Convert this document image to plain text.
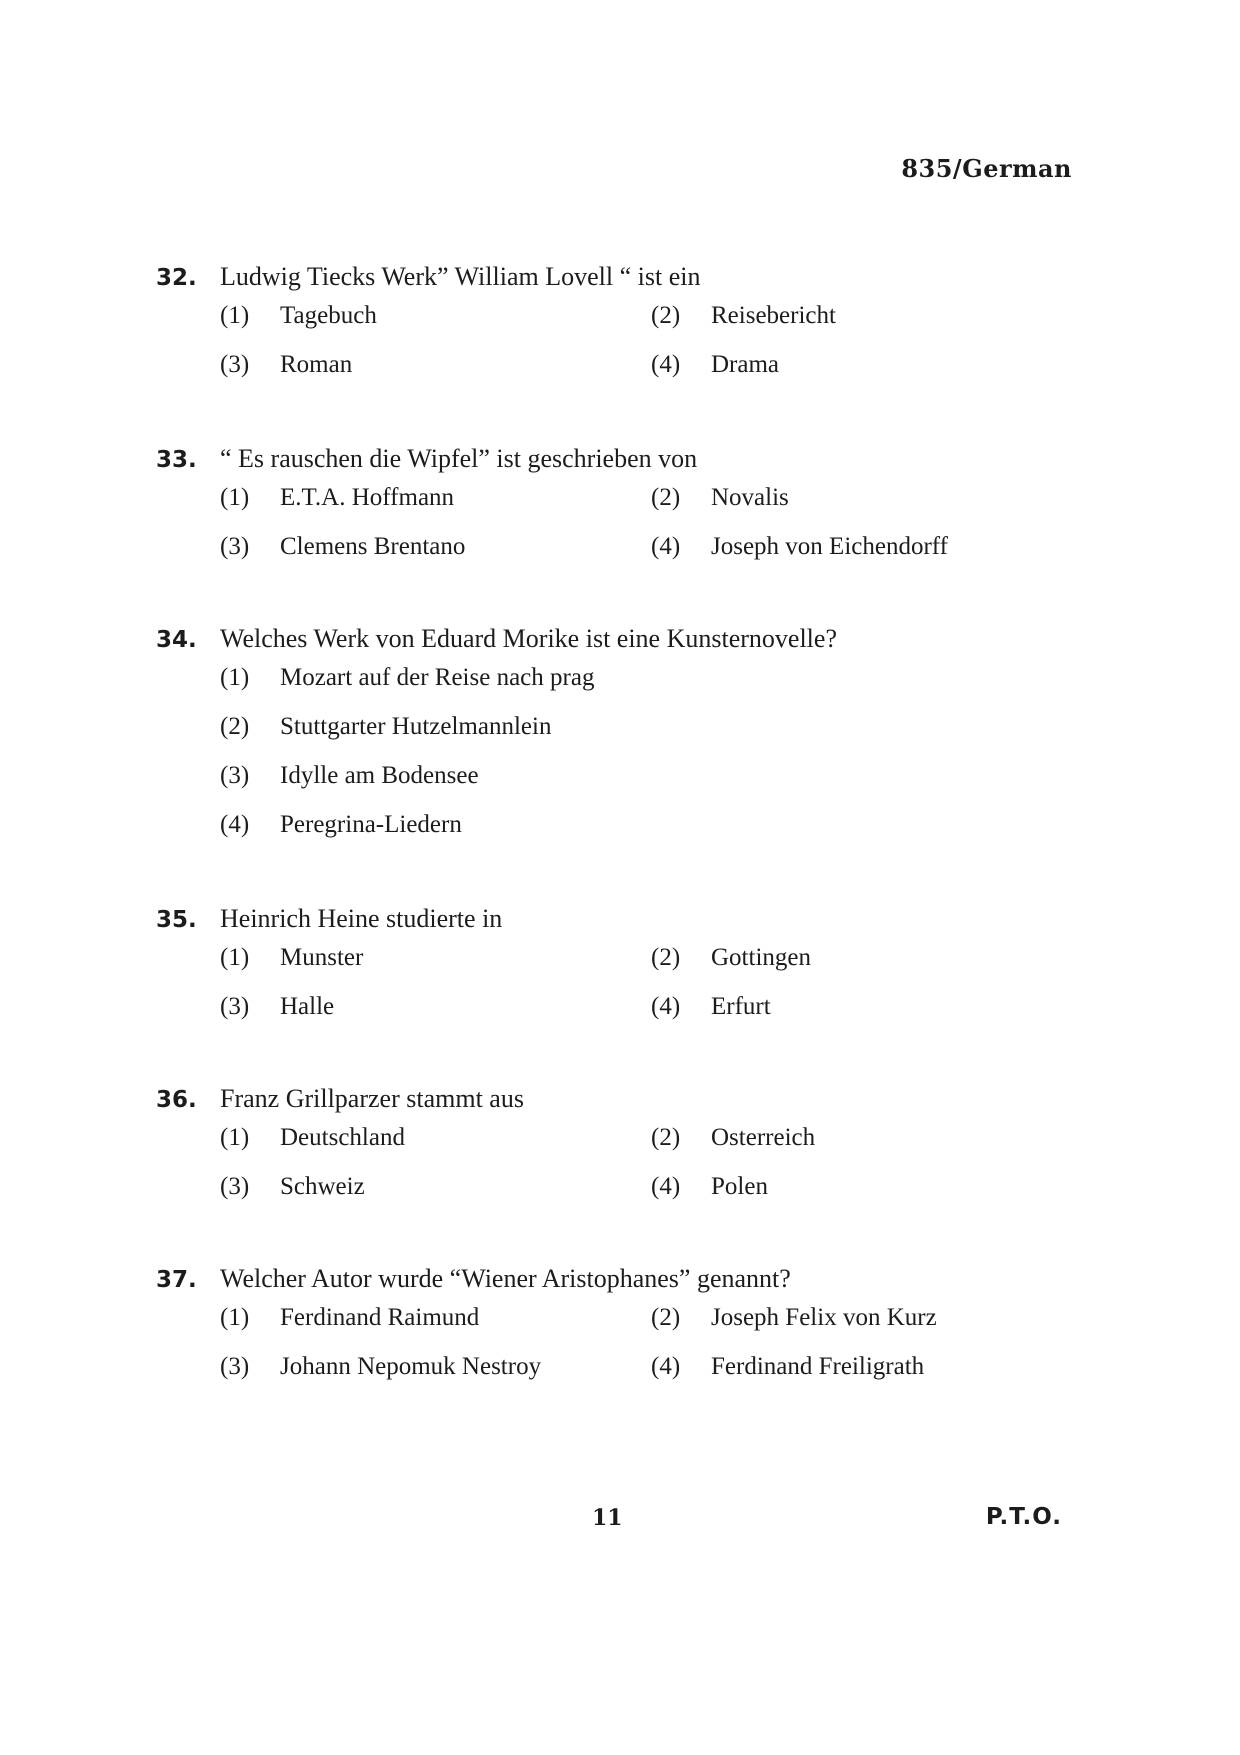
835/German
32. Ludwig Tiecks Werk” William Lovell “ ist ein
(1)	Tagebuch	(2)	Reisebericht
(3)	Roman	(4)	Drama
33. “ Es rauschen die Wipfel” ist geschrieben von
(1)	E.T.A. Hoffmann	(2)	Novalis
(3)	Clemens Brentano	(4)	Joseph von Eichendorff
34. Welches Werk von Eduard Morike ist eine Kunsternovelle?
(1)	Mozart auf der Reise nach prag
(2)	Stuttgarter Hutzelmannlein
(3)	Idylle am Bodensee
(4)	Peregrina-Liedern
35. Heinrich Heine studierte in
(1)	Munster	(2)	Gottingen
(3)	Halle	(4)	Erfurt
36. Franz Grillparzer stammt aus
(1)	Deutschland	(2)	Osterreich
(3)	Schweiz	(4)	Polen
37. Welcher Autor wurde “Wiener Aristophanes” genannt?
(1)	Ferdinand Raimund	(2)	Joseph Felix von Kurz
(3)	Johann Nepomuk Nestroy	(4)	Ferdinand Freiligrath
11	P.T.O.
